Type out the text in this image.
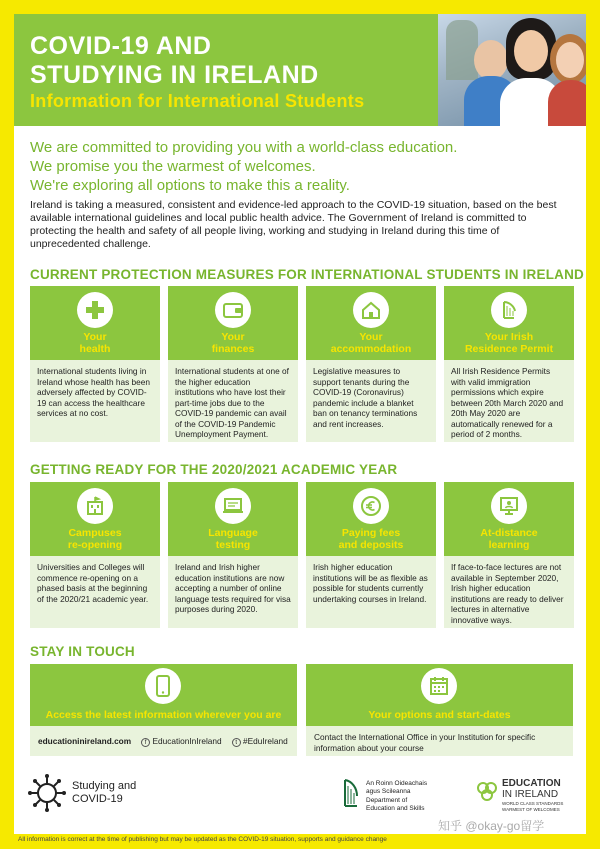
COVID-19 AND
STUDYING IN IRELAND
Information for International Students
We are committed to providing you with a world-class education.
We promise you the warmest of welcomes.
We're exploring all options to make this a reality.
Ireland is taking a measured, consistent and evidence-led approach to the COVID-19 situation, based on the best available international guidelines and local public health advice. The Government of Ireland is committed to protecting the health and safety of all people living, working and studying in Ireland during this time of unprecedented challenge.
CURRENT PROTECTION MEASURES FOR INTERNATIONAL STUDENTS IN IRELAND
Your
health
International students living in Ireland whose health has been adversely affected by COVID-19 can access the healthcare services at no cost.
Your
finances
International students at one of the higher education institutions who have lost their part-time jobs due to the COVID-19 pandemic can avail of the COVID-19 Pandemic Unemployment Payment.
Your
accommodation
Legislative measures to support tenants during the COVID-19 (Coronavirus) pandemic include a blanket ban on tenancy terminations and rent increases.
Your Irish
Residence Permit
All Irish Residence Permits with valid immigration permissions which expire between 20th March 2020 and 20th May 2020 are automatically renewed for a period of 2 months.
GETTING READY FOR THE 2020/2021 ACADEMIC YEAR
Campuses
re-opening
Universities and Colleges will commence re-opening on a phased basis at the beginning of the 2020/21 academic year.
Language
testing
Ireland and Irish higher education institutions are now accepting a number of online language tests required for visa purposes during 2020.
Paying fees
and deposits
Irish higher education institutions will be as flexible as possible for students currently undertaking courses in Ireland.
At-distance
learning
If face-to-face lectures are not available in September 2020, Irish higher education institutions are ready to deliver lectures in alternative innovative ways.
STAY IN TOUCH
Access the latest information wherever you are
educationinireland.com	f EducationInIreland	t #EduIreland
Your options and start-dates
Contact the International Office in your Institution for specific information about your course
Studying and
COVID-19
An Roinn Oideachais
agus Scileanna
Department of
Education and Skills
EDUCATION
IN IRELAND
WORLD CLASS STANDARDS
WARMEST OF WELCOMES
知乎 @okay-go留学
All information is correct at the time of publishing but may be updated as the COVID-19 situation, supports and guidance change
